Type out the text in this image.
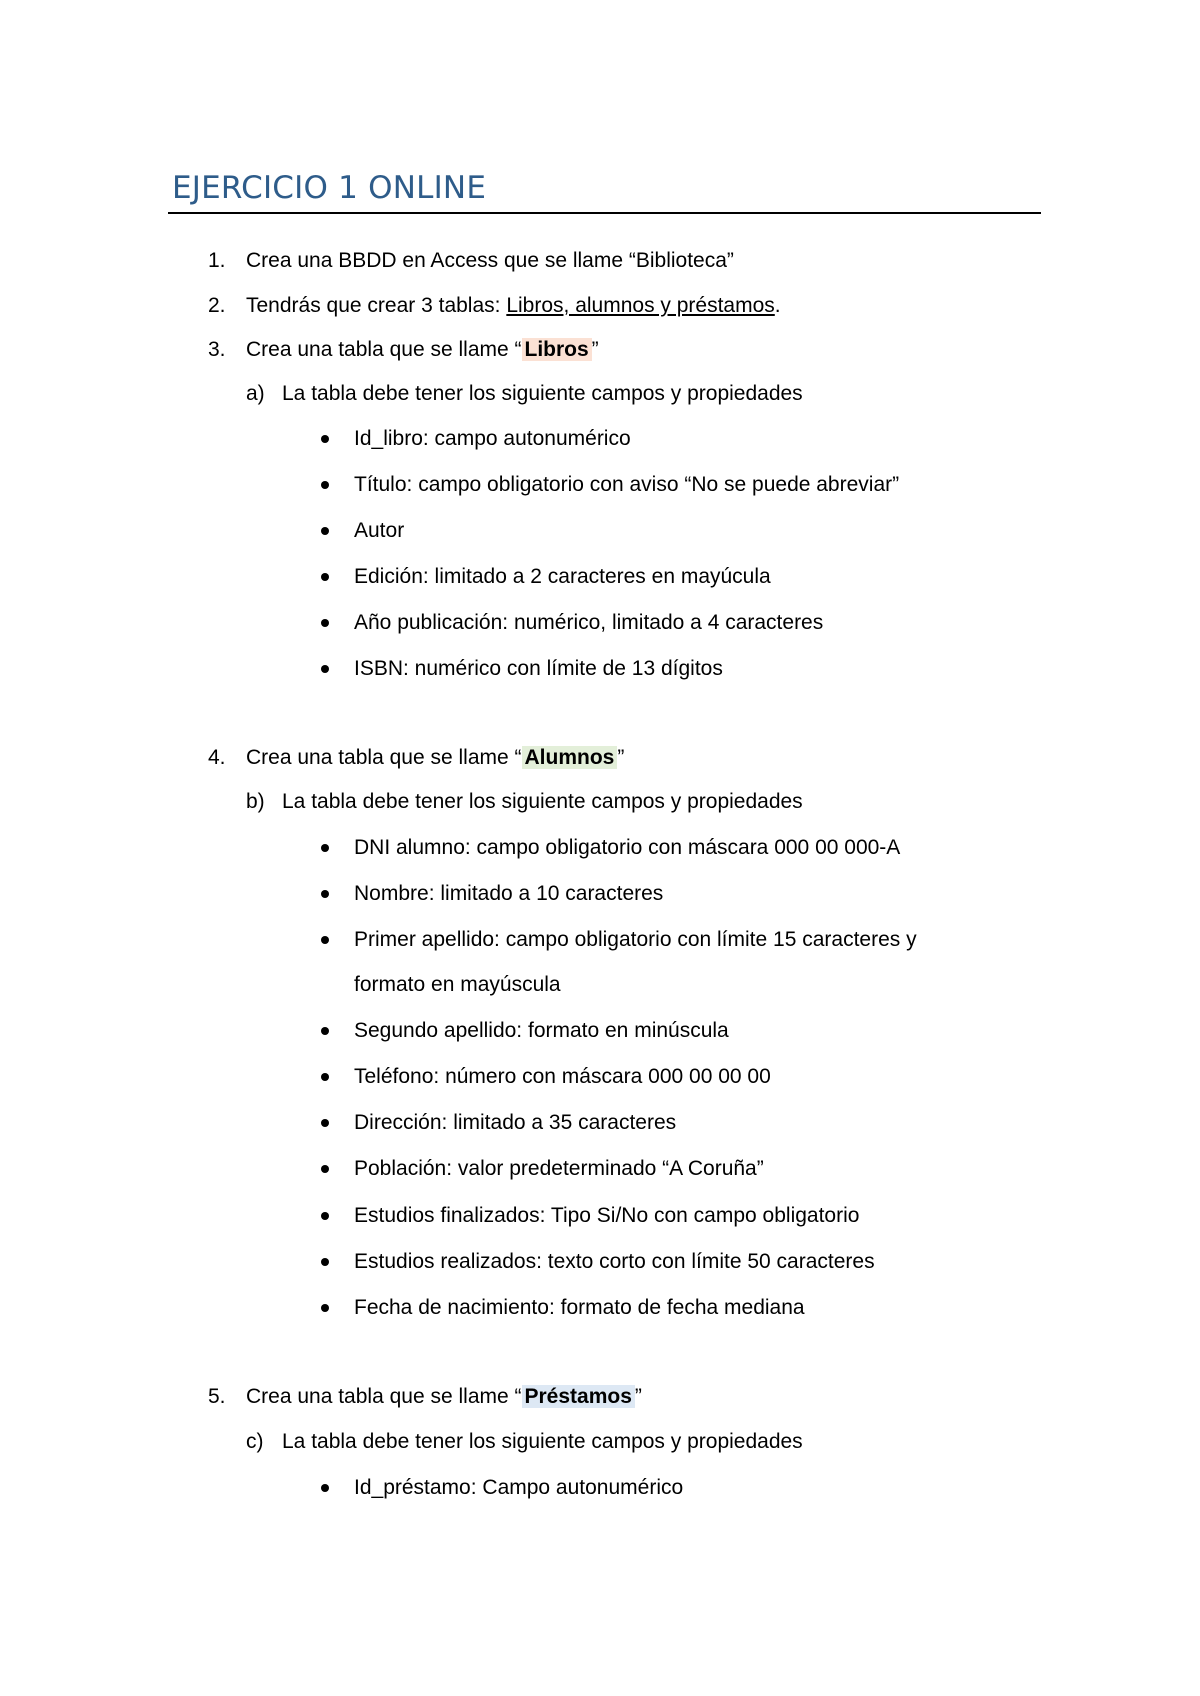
EJERCICIO 1 ONLINE
1. Crea una BBDD en Access que se llame “Biblioteca”
2. Tendrás que crear 3 tablas: Libros, alumnos y préstamos.
3. Crea una tabla que se llame “ Libros ”
a) La tabla debe tener los siguiente campos y propiedades
Id_libro: campo autonumérico
Título: campo obligatorio con aviso “No se puede abreviar”
Autor
Edición: limitado a 2 caracteres en mayúcula
Año publicación: numérico, limitado a 4 caracteres
ISBN: numérico con límite de 13 dígitos
4. Crea una tabla que se llame “ Alumnos ”
b) La tabla debe tener los siguiente campos y propiedades
DNI alumno: campo obligatorio con máscara 000 00 000-A
Nombre: limitado a 10 caracteres
Primer apellido: campo obligatorio con límite 15 caracteres y
formato en mayúscula
Segundo apellido: formato en minúscula
Teléfono: número con máscara 000 00 00 00
Dirección: limitado a 35 caracteres
Población: valor predeterminado “A Coruña”
Estudios finalizados: Tipo Si/No con campo obligatorio
Estudios realizados: texto corto con límite 50 caracteres
Fecha de nacimiento: formato de fecha mediana
5. Crea una tabla que se llame “ Préstamos ”
c) La tabla debe tener los siguiente campos y propiedades
Id_préstamo: Campo autonumérico
